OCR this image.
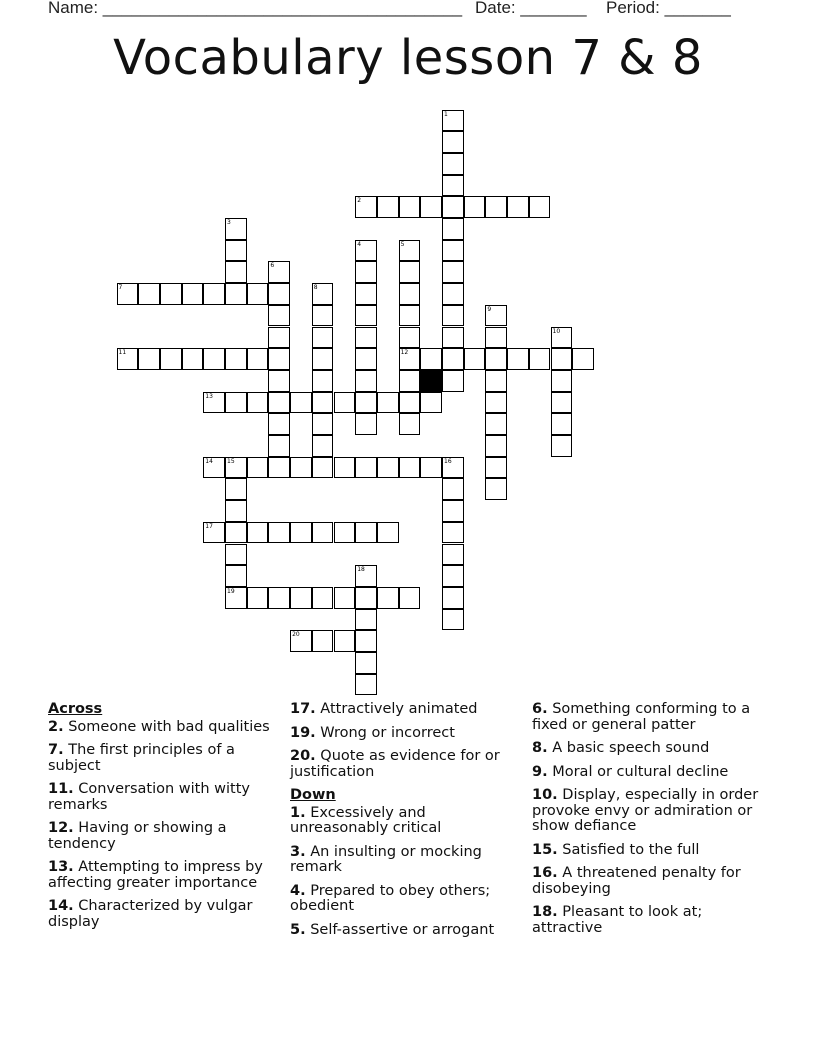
Name: ______________________________________ Date: _______ Period: _______
Vocabulary lesson 7 & 8
1
2
3
4	5
6
7	8
9
10
11	12
13
14 15	16
17
18
19
20
Across
2. Someone with bad qualities
7. The first principles of a subject
11. Conversation with witty remarks
12. Having or showing a tendency
13. Attempting to impress by affecting greater importance
14. Characterized by vulgar display
17. Attractively animated
19. Wrong or incorrect
20. Quote as evidence for or justification
Down
1. Excessively and unreasonably critical
3. An insulting or mocking remark
4. Prepared to obey others; obedient
5. Self-assertive or arrogant
6. Something conforming to a fixed or general patter
8. A basic speech sound
9. Moral or cultural decline
10. Display, especially in order provoke envy or admiration or show defiance
15. Satisfied to the full
16. A threatened penalty for disobeying
18. Pleasant to look at; attractive
